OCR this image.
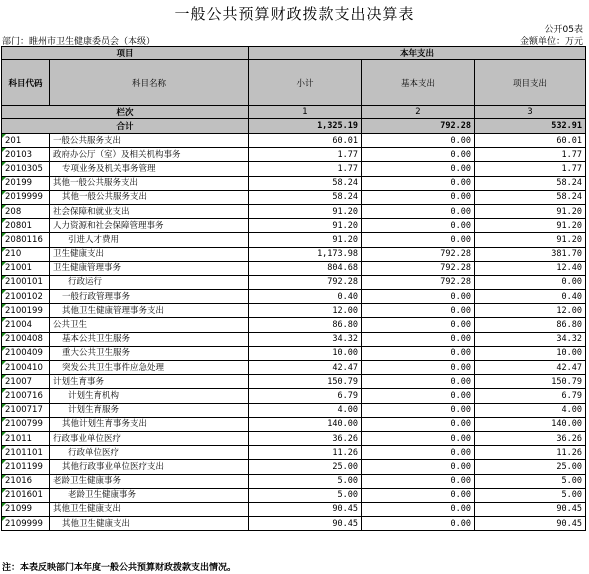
一般公共预算财政拨款支出决算表
公开05表
部门：睢州市卫生健康委员会（本级）	金额单位：万元
项目		本年支出		
科目代码	科目名称	小计	基本支出	项目支出
栏次		1	2	3
合计		1,325.19	792.28	532.91

201	一般公共服务支出	60.01	0.00	60.01

20103	政府办公厅（室）及相关机构事务	1.77	0.00	1.77

2010305	专项业务及机关事务管理	1.77	0.00	1.77

20199	其他一般公共服务支出	58.24	0.00	58.24

2019999	其他一般公共服务支出	58.24	0.00	58.24

208	社会保障和就业支出	91.20	0.00	91.20

20801	人力资源和社会保障管理事务	91.20	0.00	91.20

2080116	引进人才费用	91.20	0.00	91.20

210	卫生健康支出	1,173.98	792.28	381.70

21001	卫生健康管理事务	804.68	792.28	12.40

2100101	行政运行	792.28	792.28	0.00

2100102	一般行政管理事务	0.40	0.00	0.40

2100199	其他卫生健康管理事务支出	12.00	0.00	12.00

21004	公共卫生	86.80	0.00	86.80

2100408	基本公共卫生服务	34.32	0.00	34.32

2100409	重大公共卫生服务	10.00	0.00	10.00

2100410	突发公共卫生事件应急处理	42.47	0.00	42.47

21007	计划生育事务	150.79	0.00	150.79

2100716	计划生育机构	6.79	0.00	6.79

2100717	计划生育服务	4.00	0.00	4.00

2100799	其他计划生育事务支出	140.00	0.00	140.00

21011	行政事业单位医疗	36.26	0.00	36.26

2101101	行政单位医疗	11.26	0.00	11.26

2101199	其他行政事业单位医疗支出	25.00	0.00	25.00

21016	老龄卫生健康事务	5.00	0.00	5.00

2101601	老龄卫生健康事务	5.00	0.00	5.00

21099	其他卫生健康支出	90.45	0.00	90.45

2109999	其他卫生健康支出	90.45	0.00	90.45
注：本表反映部门本年度一般公共预算财政拨款支出情况。
